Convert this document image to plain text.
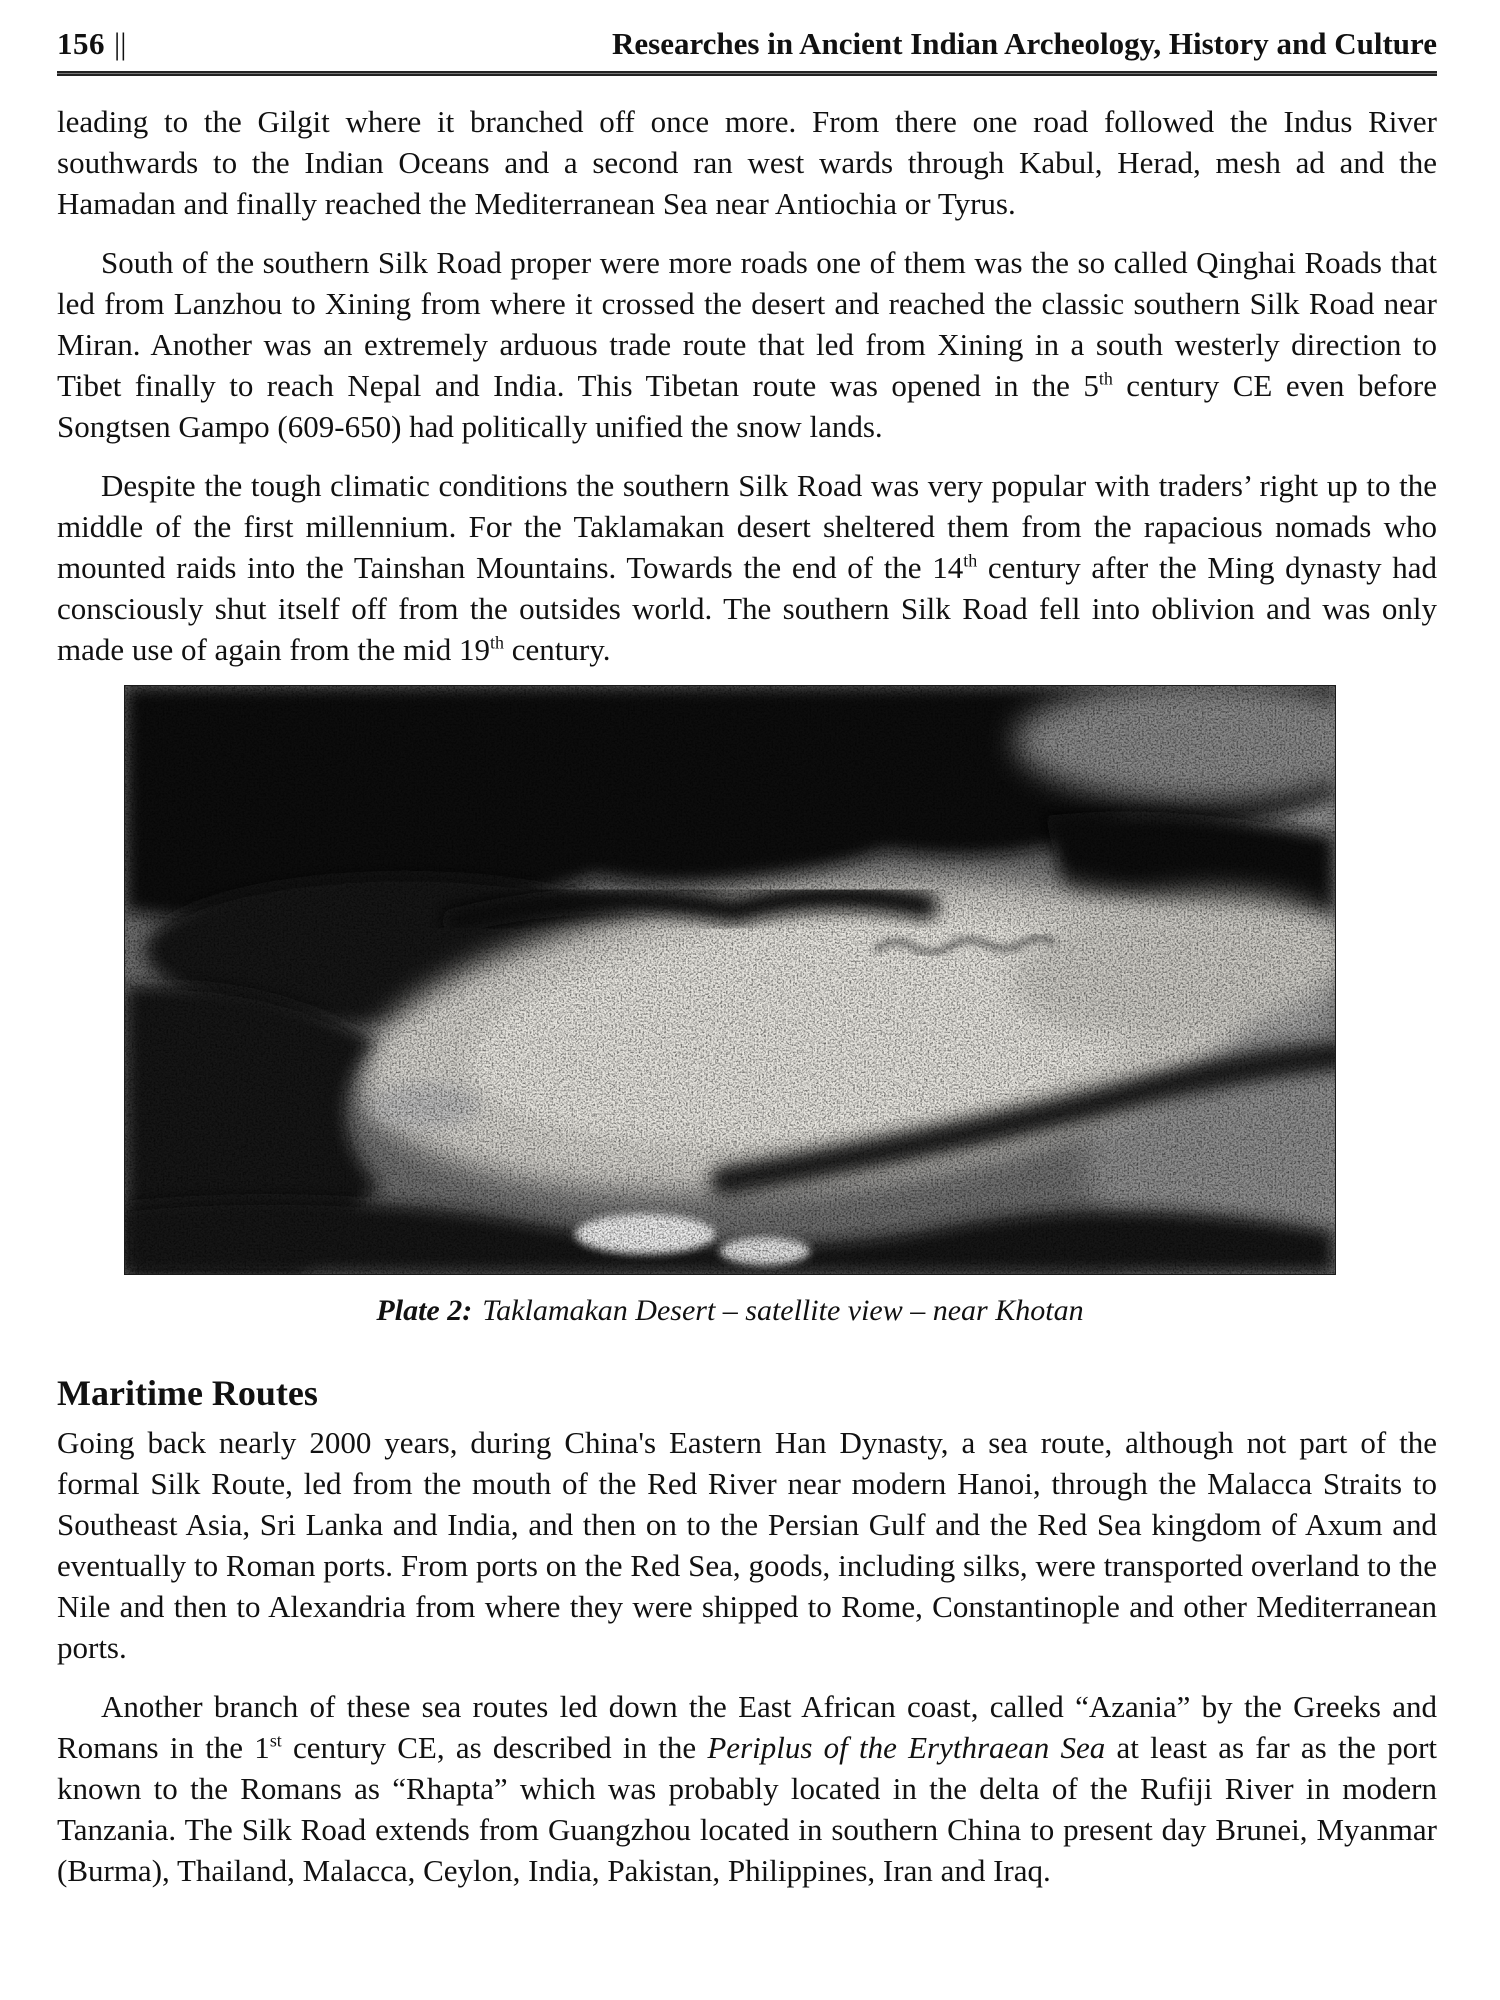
156 ||	Researches in Ancient Indian Archeology, History and Culture

leading to the Gilgit where it branched off once more. From there one road followed the Indus River southwards to the Indian Oceans and a second ran west wards through Kabul, Herad, mesh ad and the Hamadan and finally reached the Mediterranean Sea near Antiochia or Tyrus.

South of the southern Silk Road proper were more roads one of them was the so called Qinghai Roads that led from Lanzhou to Xining from where it crossed the desert and reached the classic southern Silk Road near Miran. Another was an extremely arduous trade route that led from Xining in a south westerly direction to Tibet finally to reach Nepal and India. This Tibetan route was opened in the 5th century CE even before Songtsen Gampo (609-650) had politically unified the snow lands.

Despite the tough climatic conditions the southern Silk Road was very popular with traders’ right up to the middle of the first millennium. For the Taklamakan desert sheltered them from the rapacious nomads who mounted raids into the Tainshan Mountains. Towards the end of the 14th century after the Ming dynasty had consciously shut itself off from the outsides world. The southern Silk Road fell into oblivion and was only made use of again from the mid 19th century.

Plate 2: Taklamakan Desert – satellite view – near Khotan
Maritime Routes

Going back nearly 2000 years, during China's Eastern Han Dynasty, a sea route, although not part of the formal Silk Route, led from the mouth of the Red River near modern Hanoi, through the Malacca Straits to Southeast Asia, Sri Lanka and India, and then on to the Persian Gulf and the Red Sea kingdom of Axum and eventually to Roman ports. From ports on the Red Sea, goods, including silks, were transported overland to the Nile and then to Alexandria from where they were shipped to Rome, Constantinople and other Mediterranean ports.

Another branch of these sea routes led down the East African coast, called “Azania” by the Greeks and Romans in the 1st century CE, as described in the Periplus of the Erythraean Sea at least as far as the port known to the Romans as “Rhapta” which was probably located in the delta of the Rufiji River in modern Tanzania. The Silk Road extends from Guangzhou located in southern China to present day Brunei, Myanmar (Burma), Thailand, Malacca, Ceylon, India, Pakistan, Philippines, Iran and Iraq.
